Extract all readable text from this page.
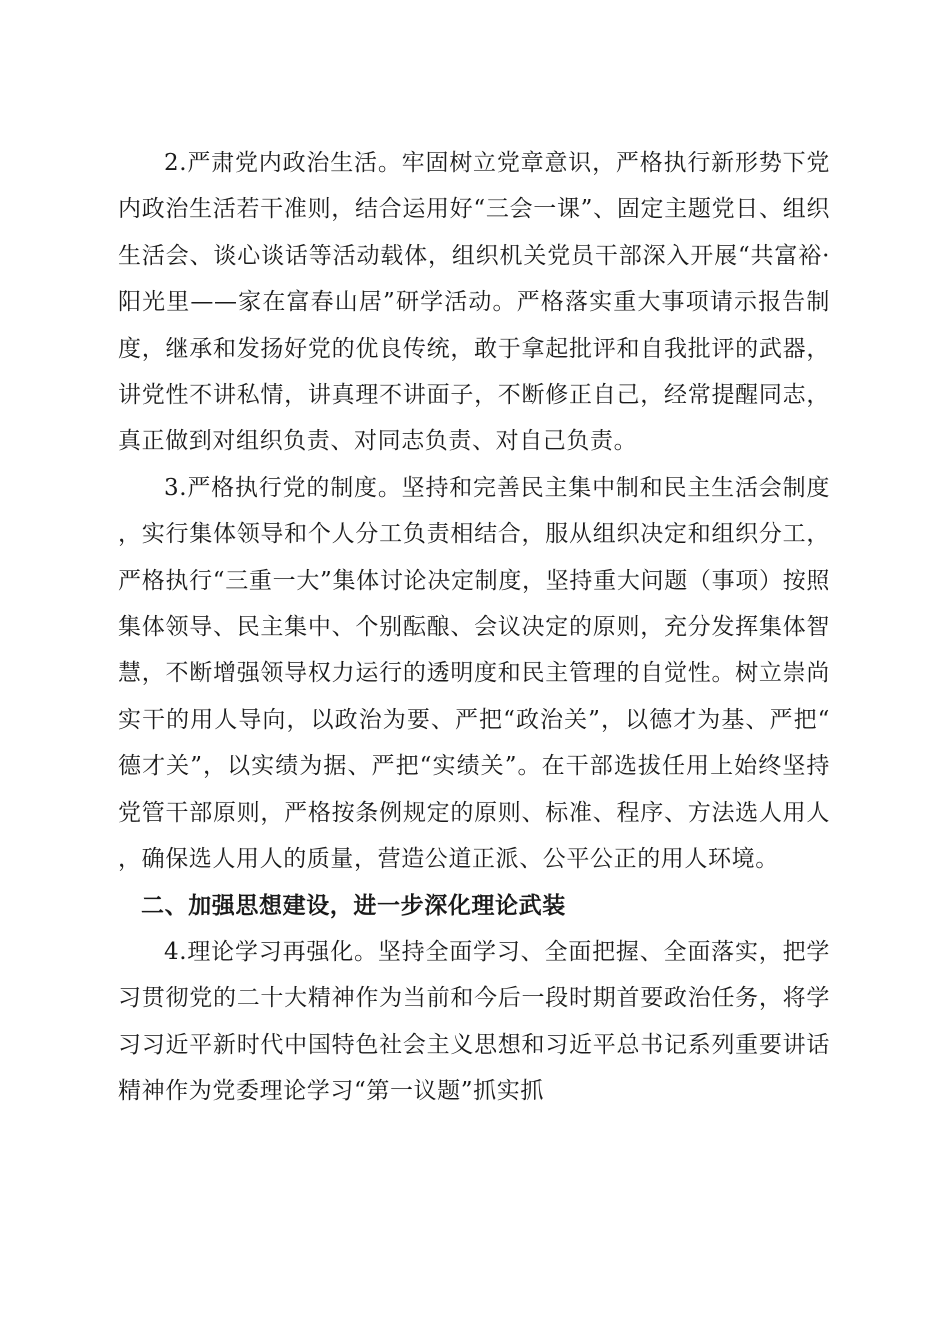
2.严肃党内政治生活。牢固树立党章意识，严格执行新形势下党内政治生活若干准则，结合运用好“三会一课”、固定主题党日、组织生活会、谈心谈话等活动载体，组织机关党员干部深入开展“共富裕·阳光里——家在富春山居”研学活动。严格落实重大事项请示报告制度，继承和发扬好党的优良传统，敢于拿起批评和自我批评的武器，讲党性不讲私情，讲真理不讲面子，不断修正自己，经常提醒同志，真正做到对组织负责、对同志负责、对自己负责。

3.严格执行党的制度。坚持和完善民主集中制和民主生活会制度，实行集体领导和个人分工负责相结合，服从组织决定和组织分工，严格执行“三重一大”集体讨论决定制度，坚持重大问题（事项）按照集体领导、民主集中、个别酝酿、会议决定的原则，充分发挥集体智慧，不断增强领导权力运行的透明度和民主管理的自觉性。树立崇尚实干的用人导向，以政治为要、严把“政治关”，以德才为基、严把“德才关”，以实绩为据、严把“实绩关”。在干部选拔任用上始终坚持党管干部原则，严格按条例规定的原则、标准、程序、方法选人用人，确保选人用人的质量，营造公道正派、公平公正的用人环境。

二、加强思想建设，进一步深化理论武装

4.理论学习再强化。坚持全面学习、全面把握、全面落实，把学习贯彻党的二十大精神作为当前和今后一段时期首要政治任务，将学习习近平新时代中国特色社会主义思想和习近平总书记系列重要讲话精神作为党委理论学习“第一议题”抓实抓
